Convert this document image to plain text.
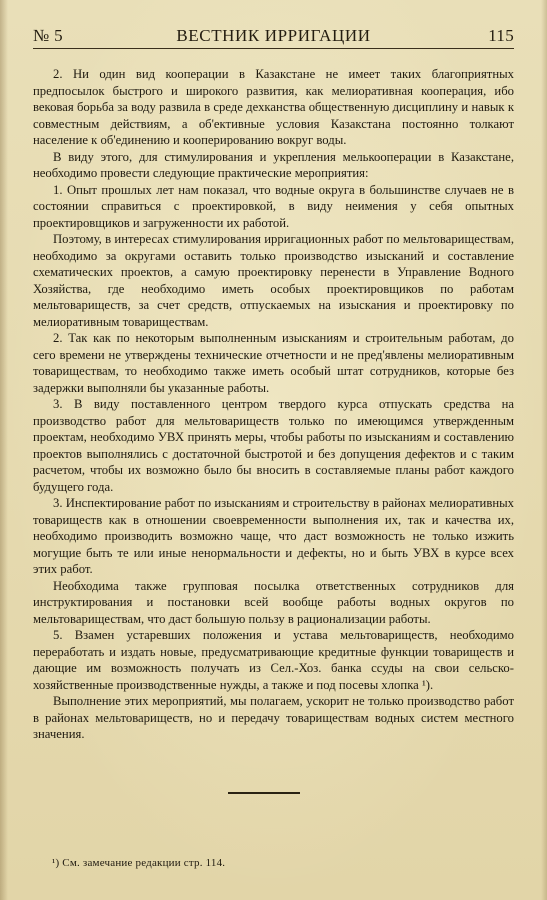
№ 5	ВЕСТНИК ИРРИГАЦИИ	115

2. Ни один вид кооперации в Казакстане не имеет таких благоприятных предпосылок быстрого и широкого развития, как мелиоративная кооперация, ибо вековая борьба за воду развила в среде дехканства общественную дисциплину и навык к совместным действиям, а об'ективные условия Казакстана постоянно толкают население к об'единению и кооперированию вокруг воды.

В виду этого, для стимулирования и укрепления мелькооперации в Казакстане, необходимо провести следующие практические мероприятия:

1. Опыт прошлых лет нам показал, что водные округа в большинстве случаев не в состоянии справиться с проектировкой, в виду неимения у себя опытных проектировщиков и загруженности их работой.

Поэтому, в интересах стимулирования ирригационных работ по мельтовариществам, необходимо за округами оставить только производство изысканий и составление схематических проектов, а самую проектировку перенести в Управление Водного Хозяйства, где необходимо иметь особых проектировщиков по работам мельтовариществ, за счет средств, отпускаемых на изыскания и проектировку по мелиоративным товариществам.

2. Так как по некоторым выполненным изысканиям и строительным работам, до сего времени не утверждены технические отчетности и не пред'явлены мелиоративным товариществам, то необходимо также иметь особый штат сотрудников, которые без задержки выполняли бы указанные работы.

3. В виду поставленного центром твердого курса отпускать средства на производство работ для мельтовариществ только по имеющимся утвержденным проектам, необходимо УВХ принять меры, чтобы работы по изысканиям и составлению проектов выполнялись с достаточной быстротой и без допущения дефектов и с таким расчетом, чтобы их возможно было бы вносить в составляемые планы работ каждого будущего года.

3. Инспектирование работ по изысканиям и строительству в районах мелиоративных товариществ как в отношении своевременности выполнения их, так и качества их, необходимо производить возможно чаще, что даст возможность не только изжить могущие быть те или иные ненормальности и дефекты, но и быть УВХ в курсе всех этих работ.

Необходима также групповая посылка ответственных сотрудников для инструктирования и постановки всей вообще работы водных округов по мельтовариществам, что даст большую пользу в рационализации работы.

5. Взамен устаревших положения и устава мельтовариществ, необходимо переработать и издать новые, предусматривающие кредитные функции товариществ и дающие им возможность получать из Сел.-Хоз. банка ссуды на свои сельско-хозяйственные производственные нужды, а также и под посевы хлопка ¹).

Выполнение этих мероприятий, мы полагаем, ускорит не только производство работ в районах мельтовариществ, но и передачу товариществам водных систем местного значения.

¹) См. замечание редакции стр. 114.
